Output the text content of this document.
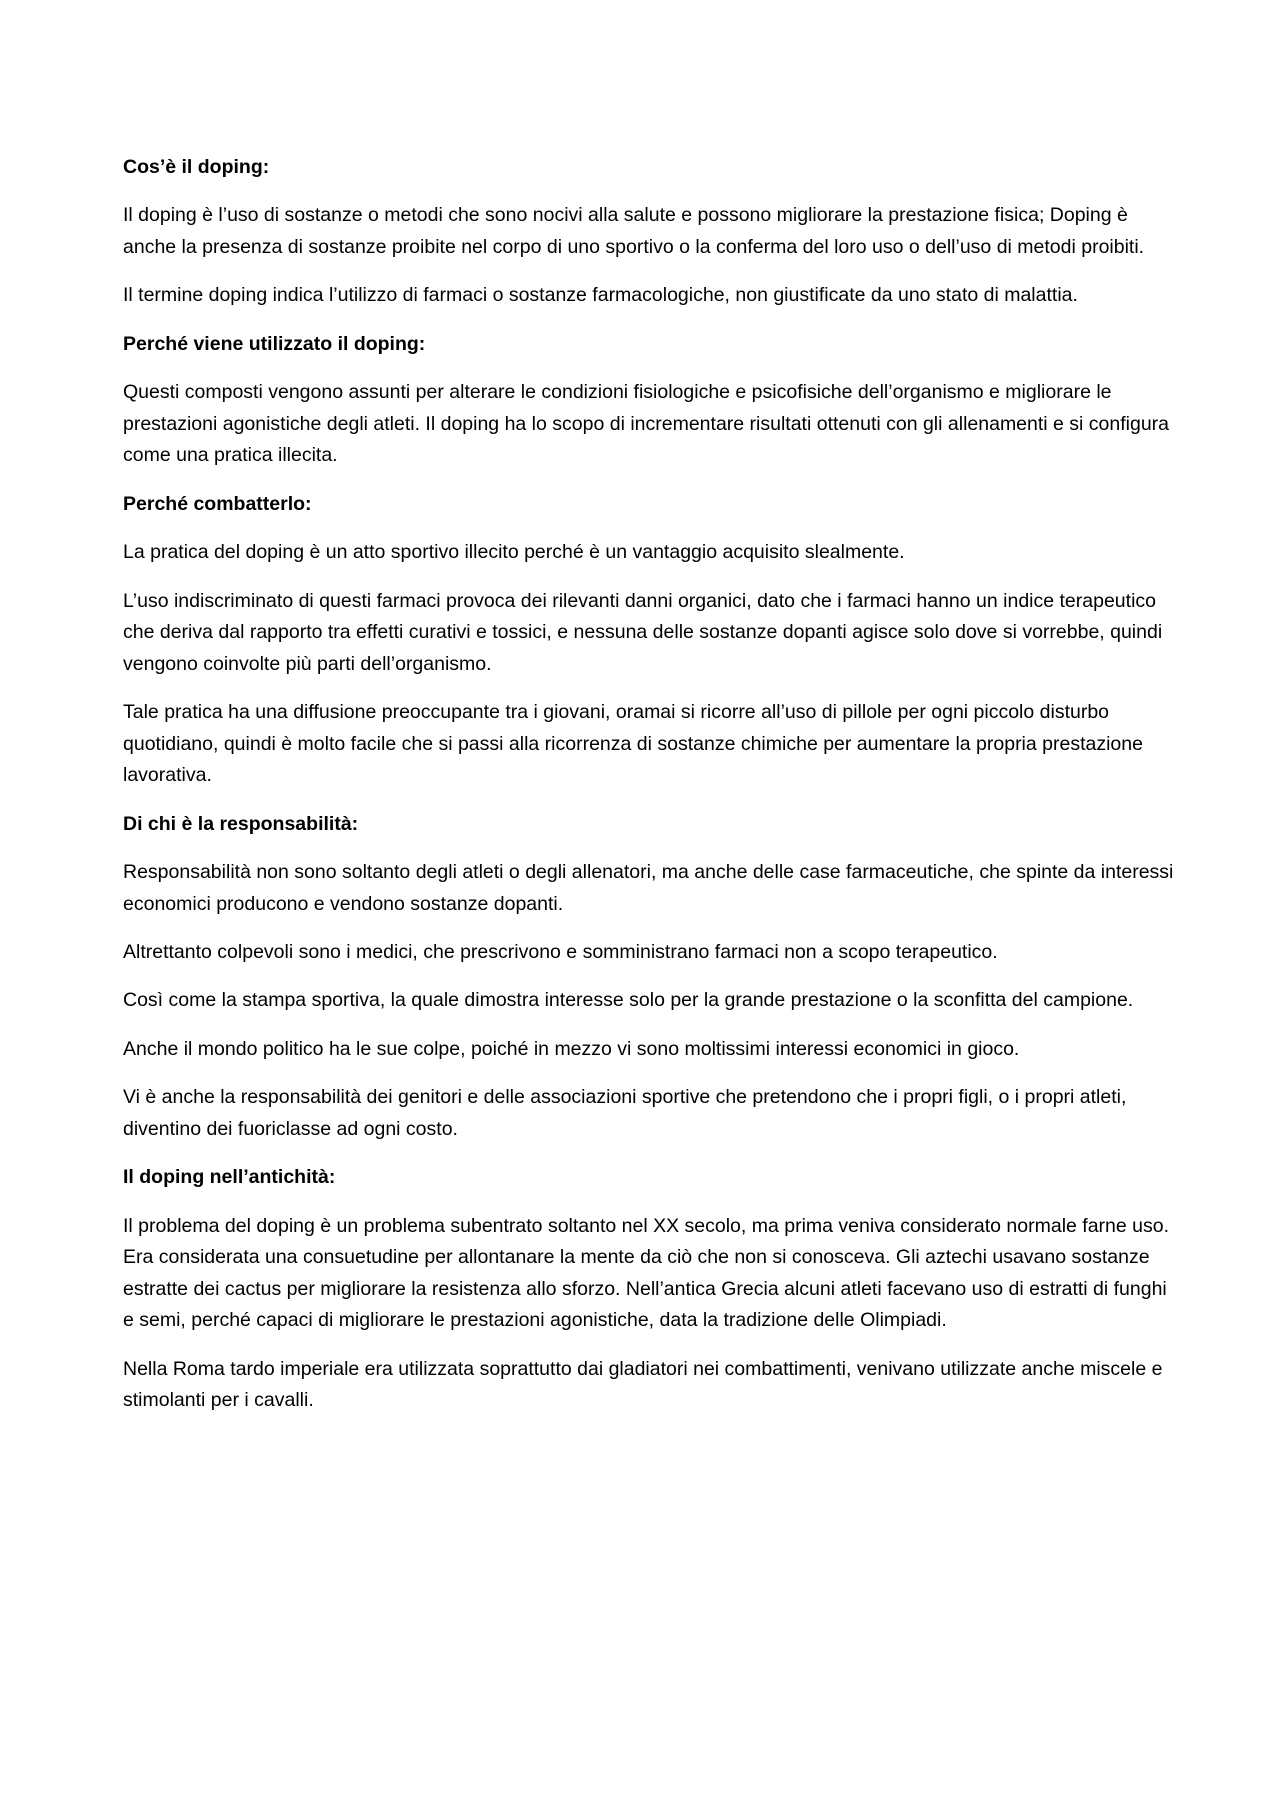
Cos’è il doping:

Il doping è l’uso di sostanze o metodi che sono nocivi alla salute e possono migliorare la prestazione fisica; Doping è anche la presenza di sostanze proibite nel corpo di uno sportivo o la conferma del loro uso o dell’uso di metodi proibiti.

Il termine doping indica l’utilizzo di farmaci o sostanze farmacologiche, non giustificate da uno stato di malattia.

Perché viene utilizzato il doping:

Questi composti vengono assunti per alterare le condizioni fisiologiche e psicofisiche dell’organismo e migliorare le prestazioni agonistiche degli atleti. Il doping ha lo scopo di incrementare risultati ottenuti con gli allenamenti e si configura come una pratica illecita.

Perché combatterlo:

La pratica del doping è un atto sportivo illecito perché è un vantaggio acquisito slealmente.

L’uso indiscriminato di questi farmaci provoca dei rilevanti danni organici, dato che i farmaci hanno un indice terapeutico che deriva dal rapporto tra effetti curativi e tossici, e nessuna delle sostanze dopanti agisce solo dove si vorrebbe, quindi vengono coinvolte più parti dell’organismo.

Tale pratica ha una diffusione preoccupante tra i giovani, oramai si ricorre all’uso di pillole per ogni piccolo disturbo quotidiano, quindi è molto facile che si passi alla ricorrenza di sostanze chimiche per aumentare la propria prestazione lavorativa.

Di chi è la responsabilità:

Responsabilità non sono soltanto degli atleti o degli allenatori, ma anche delle case farmaceutiche, che spinte da interessi economici producono e vendono sostanze dopanti.

Altrettanto colpevoli sono i medici, che prescrivono e somministrano farmaci non a scopo terapeutico.

Così come la stampa sportiva, la quale dimostra interesse solo per la grande prestazione o la sconfitta del campione.

Anche il mondo politico ha le sue colpe, poiché in mezzo vi sono moltissimi interessi economici in gioco.

Vi è anche la responsabilità dei genitori e delle associazioni sportive che pretendono che i propri figli, o i propri atleti, diventino dei fuoriclasse ad ogni costo.

Il doping nell’antichità:

Il problema del doping è un problema subentrato soltanto nel XX secolo, ma prima veniva considerato normale farne uso. Era considerata una consuetudine per allontanare la mente da ciò che non si conosceva. Gli aztechi usavano sostanze estratte dei cactus per migliorare la resistenza allo sforzo. Nell’antica Grecia alcuni atleti facevano uso di estratti di funghi e semi, perché capaci di migliorare le prestazioni agonistiche, data la tradizione delle Olimpiadi.

Nella Roma tardo imperiale era utilizzata soprattutto dai gladiatori nei combattimenti, venivano utilizzate anche miscele e stimolanti per i cavalli.
